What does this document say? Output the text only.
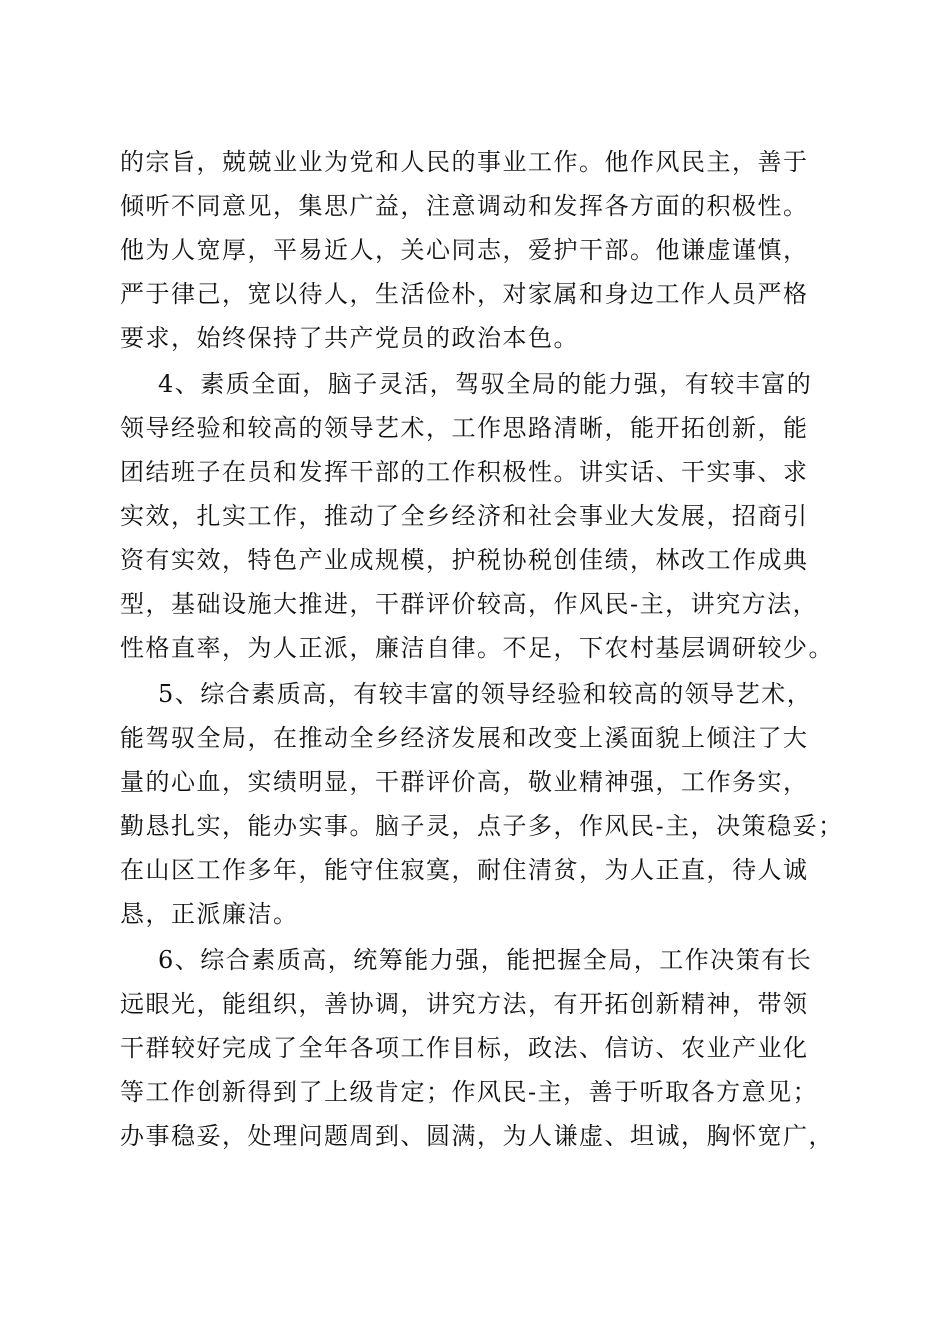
的宗旨，兢兢业业为党和人民的事业工作。他作风民主，善于
倾听不同意见，集思广益，注意调动和发挥各方面的积极性。
他为人宽厚，平易近人，关心同志，爱护干部。他谦虚谨慎，
严于律己，宽以待人，生活俭朴，对家属和身边工作人员严格
要求，始终保持了共产党员的政治本色。
4、素质全面，脑子灵活，驾驭全局的能力强，有较丰富的
领导经验和较高的领导艺术，工作思路清晰，能开拓创新，能
团结班子在员和发挥干部的工作积极性。讲实话、干实事、求
实效，扎实工作，推动了全乡经济和社会事业大发展，招商引
资有实效，特色产业成规模，护税协税创佳绩，林改工作成典
型，基础设施大推进，干群评价较高，作风民-主，讲究方法，
性格直率，为人正派，廉洁自律。不足，下农村基层调研较少。
5、综合素质高，有较丰富的领导经验和较高的领导艺术，
能驾驭全局，在推动全乡经济发展和改变上溪面貌上倾注了大
量的心血，实绩明显，干群评价高，敬业精神强，工作务实，
勤恳扎实，能办实事。脑子灵，点子多，作风民-主，决策稳妥；
在山区工作多年，能守住寂寞，耐住清贫，为人正直，待人诚
恳，正派廉洁。
6、综合素质高，统筹能力强，能把握全局，工作决策有长
远眼光，能组织，善协调，讲究方法，有开拓创新精神，带领
干群较好完成了全年各项工作目标，政法、信访、农业产业化
等工作创新得到了上级肯定；作风民-主，善于听取各方意见；
办事稳妥，处理问题周到、圆满，为人谦虚、坦诚，胸怀宽广，
